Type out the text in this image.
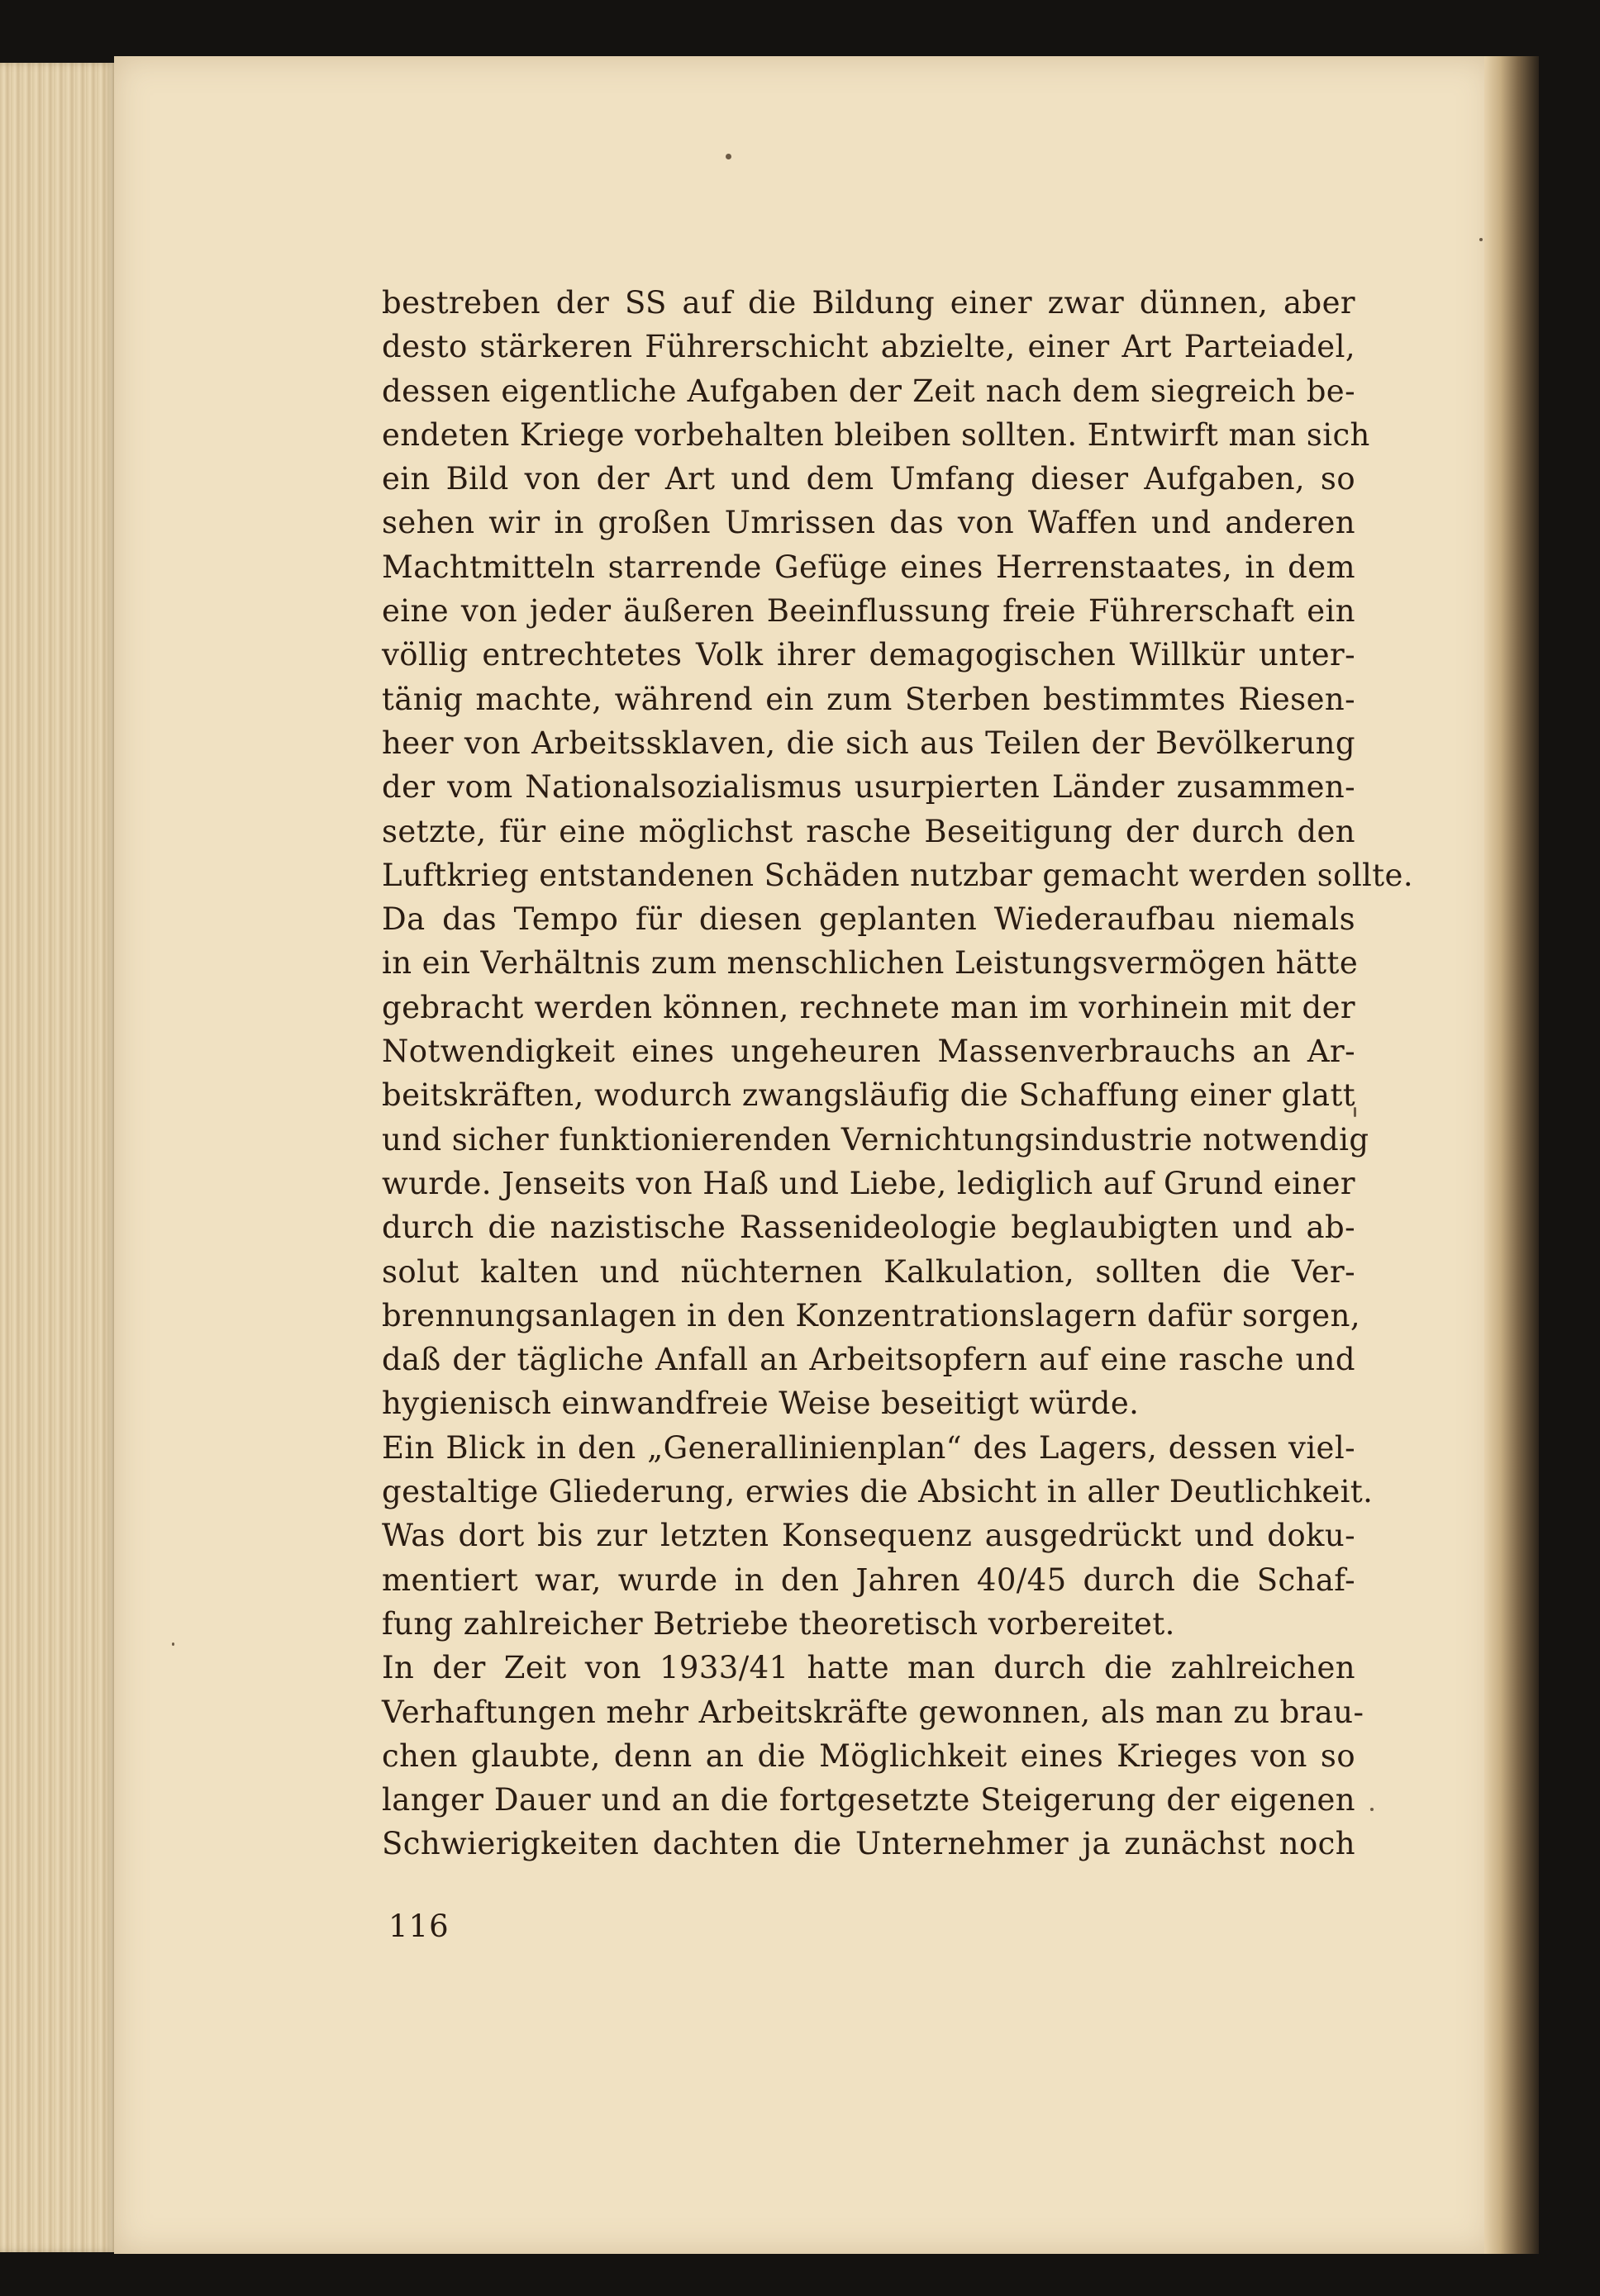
bestreben der SS auf die Bildung einer zwar dünnen, aber
desto stärkeren Führerschicht abzielte, einer Art Parteiadel,
dessen eigentliche Aufgaben der Zeit nach dem siegreich be-
endeten Kriege vorbehalten bleiben sollten. Entwirft man sich
ein Bild von der Art und dem Umfang dieser Aufgaben, so
sehen wir in großen Umrissen das von Waffen und anderen
Machtmitteln starrende Gefüge eines Herrenstaates, in dem
eine von jeder äußeren Beeinflussung freie Führerschaft ein
völlig entrechtetes Volk ihrer demagogischen Willkür unter-
tänig machte, während ein zum Sterben bestimmtes Riesen-
heer von Arbeitssklaven, die sich aus Teilen der Bevölkerung
der vom Nationalsozialismus usurpierten Länder zusammen-
setzte, für eine möglichst rasche Beseitigung der durch den
Luftkrieg entstandenen Schäden nutzbar gemacht werden sollte.
Da das Tempo für diesen geplanten Wiederaufbau niemals
in ein Verhältnis zum menschlichen Leistungsvermögen hätte
gebracht werden können, rechnete man im vorhinein mit der
Notwendigkeit eines ungeheuren Massenverbrauchs an Ar-
beitskräften, wodurch zwangsläufig die Schaffung einer glatt
und sicher funktionierenden Vernichtungsindustrie notwendig
wurde. Jenseits von Haß und Liebe, lediglich auf Grund einer
durch die nazistische Rassenideologie beglaubigten und ab-
solut kalten und nüchternen Kalkulation, sollten die Ver-
brennungsanlagen in den Konzentrationslagern dafür sorgen,
daß der tägliche Anfall an Arbeitsopfern auf eine rasche und
hygienisch einwandfreie Weise beseitigt würde.
Ein Blick in den „Generallinienplan“ des Lagers, dessen viel-
gestaltige Gliederung, erwies die Absicht in aller Deutlichkeit.
Was dort bis zur letzten Konsequenz ausgedrückt und doku-
mentiert war, wurde in den Jahren 40/45 durch die Schaf-
fung zahlreicher Betriebe theoretisch vorbereitet.
In der Zeit von 1933/41 hatte man durch die zahlreichen
Verhaftungen mehr Arbeitskräfte gewonnen, als man zu brau-
chen glaubte, denn an die Möglichkeit eines Krieges von so
langer Dauer und an die fortgesetzte Steigerung der eigenen
Schwierigkeiten dachten die Unternehmer ja zunächst noch
116
